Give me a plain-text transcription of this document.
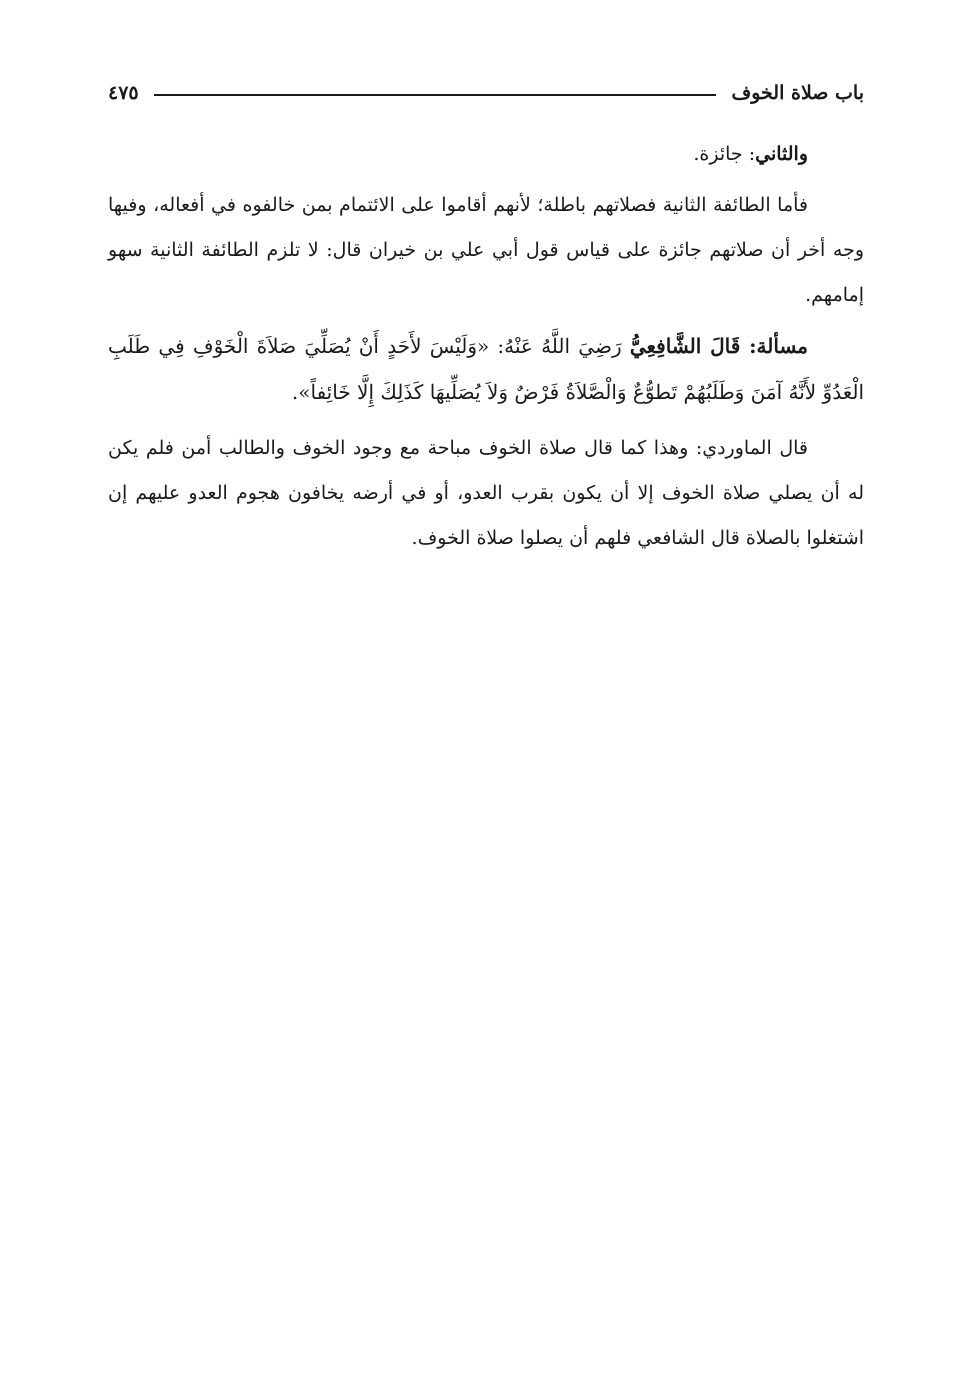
باب صلاة الخوف
٤٧٥

والثاني: جائزة.

فأما الطائفة الثانية فصلاتهم باطلة؛ لأنهم أقاموا على الائتمام بمن خالفوه في أفعاله، وفيها وجه أخر أن صلاتهم جائزة على قياس قول أبي علي بن خيران قال: لا تلزم الطائفة الثانية سهو إمامهم.

مسألة: قَالَ الشَّافِعِيُّ رَضِيَ اللَّهُ عَنْهُ: «وَلَيْسَ لأَحَدٍ أَنْ يُصَلِّيَ صَلاَةَ الْخَوْفِ فِي طَلَبِ الْعَدُوِّ لأَنَّهُ آمَنَ وَطَلَبُهُمْ تَطوُّعٌ وَالْصَّلاَةُ فَرْضٌ وَلاَ يُصَلِّيهَا كَذَلِكَ إِلَّا خَائِفاً».

قال الماوردي: وهذا كما قال صلاة الخوف مباحة مع وجود الخوف والطالب أمن فلم يكن له أن يصلي صلاة الخوف إلا أن يكون بقرب العدو، أو في أرضه يخافون هجوم العدو عليهم إن اشتغلوا بالصلاة قال الشافعي فلهم أن يصلوا صلاة الخوف.
